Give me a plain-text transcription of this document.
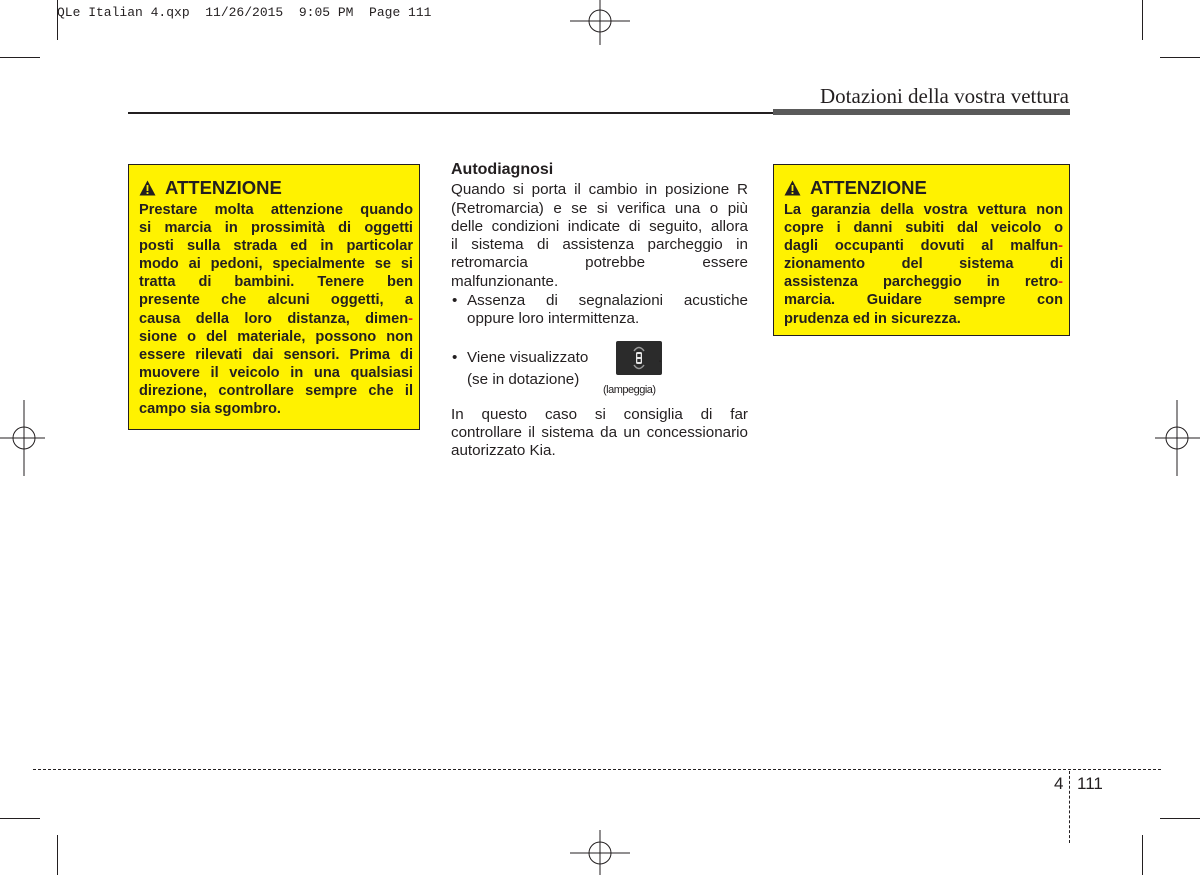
QLe Italian 4.qxp  11/26/2015  9:05 PM  Page 111
Dotazioni della vostra vettura
ATTENZIONE
Prestare molta attenzione quando
si marcia in prossimità di oggetti
posti sulla strada ed in particolar
modo ai pedoni, specialmente se si
tratta di bambini. Tenere ben
presente che alcuni oggetti, a
causa della loro distanza, dimen-
sione o del materiale, possono non
essere rilevati dai sensori. Prima di
muovere il veicolo in una qualsiasi
direzione, controllare sempre che il
campo sia sgombro.
Autodiagnosi
Quando si porta il cambio in posizione R
(Retromarcia) e se si verifica una o più
delle condizioni indicate di seguito, allora
il sistema di assistenza parcheggio in
retromarcia potrebbe essere
malfunzionante.
• Assenza di segnalazioni acustiche
oppure loro intermittenza.
• Viene visualizzato	.
(se in dotazione)
(lampeggia)
In questo caso si consiglia di far
controllare il sistema da un concessionario
autorizzato Kia.
ATTENZIONE
La garanzia della vostra vettura non
copre i danni subiti dal veicolo o
dagli occupanti dovuti al malfun-
zionamento del sistema di
assistenza parcheggio in retro-
marcia. Guidare sempre con
prudenza ed in sicurezza.
4 111
